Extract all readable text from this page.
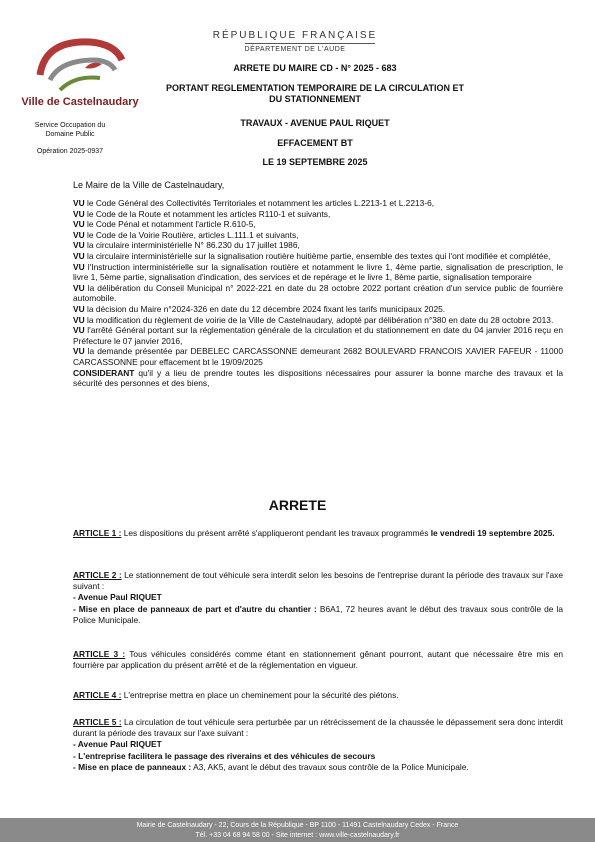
Ville de Castelnaudary
Service Occupation du Domaine Public
Opération 2025-0937
RÉPUBLIQUE FRANÇAISE
DÉPARTEMENT DE L'AUDE
ARRETE DU MAIRE CD - N° 2025 - 683
PORTANT REGLEMENTATION TEMPORAIRE DE LA CIRCULATION ET DU STATIONNEMENT
TRAVAUX - AVENUE PAUL RIQUET
EFFACEMENT BT
LE 19 SEPTEMBRE 2025
Le Maire de la Ville de Castelnaudary,
VU le Code Général des Collectivités Territoriales et notamment les articles L.2213-1 et L.2213-6,
VU le Code de la Route et notamment les articles R110-1 et suivants,
VU le Code Pénal et notamment l'article R.610-5,
VU le Code de la Voirie Routière, articles L.111.1 et suivants,
VU la circulaire interministérielle N° 86.230 du 17 juillet 1986,
VU la circulaire interministérielle sur la signalisation routière huitième partie, ensemble des textes qui l'ont modifiée et complétée,
VU l'Instruction interministérielle sur la signalisation routière et notamment le livre 1, 4ème partie, signalisation de prescription, le livre 1, 5ème partie, signalisation d'indication, des services et de repérage et le livre 1, 8ème partie, signalisation temporaire
VU la délibération du Conseil Municipal n° 2022-221 en date du 28 octobre 2022 portant création d'un service public de fourrière automobile.
VU la décision du Maire n°2024-326 en date du 12 décembre 2024 fixant les tarifs municipaux 2025.
VU la modification du règlement de voirie de la Ville de Castelnaudary, adopté par délibération n°380 en date du 28 octobre 2013.
VU l'arrêté Général portant sur la réglementation générale de la circulation et du stationnement en date du 04 janvier 2016 reçu en Préfecture le 07 janvier 2016,
VU la demande présentée par DEBELEC CARCASSONNE demeurant 2682 BOULEVARD FRANCOIS XAVIER FAFEUR - 11000 CARCASSONNE pour effacement bt le 19/09/2025
CONSIDERANT qu'il y a lieu de prendre toutes les dispositions nécessaires pour assurer la bonne marche des travaux et la sécurité des personnes et des biens,
ARRETE
ARTICLE 1 : Les dispositions du présent arrêté s'appliqueront pendant les travaux programmés le vendredi 19 septembre 2025.
ARTICLE 2 : Le stationnement de tout véhicule sera interdit selon les besoins de l'entreprise durant la période des travaux sur l'axe suivant :
- Avenue Paul RIQUET
- Mise en place de panneaux de part et d'autre du chantier : B6A1, 72 heures avant le début des travaux sous contrôle de la Police Municipale.
ARTICLE 3 : Tous véhicules considérés comme étant en stationnement gênant pourront, autant que nécessaire être mis en fourrière par application du présent arrêté et de la réglementation en vigueur.
ARTICLE 4 : L'entreprise mettra en place un cheminement pour la sécurité des piétons.
ARTICLE 5 : La circulation de tout véhicule sera perturbée par un rétrécissement de la chaussée le dépassement sera donc interdit durant la période des travaux sur l'axe suivant :
- Avenue Paul RIQUET
- L'entreprise facilitera le passage des riverains et des véhicules de secours
- Mise en place de panneaux : A3, AK5, avant le début des travaux sous contrôle de la Police Municipale.
Mairie de Castelnaudary - 22, Cours de la République - BP 1100 - 11491 Castelnaudary Cedex - France
Tél. +33 04 68 94 58 00 - Site internet : www.ville-castelnaudary.fr
